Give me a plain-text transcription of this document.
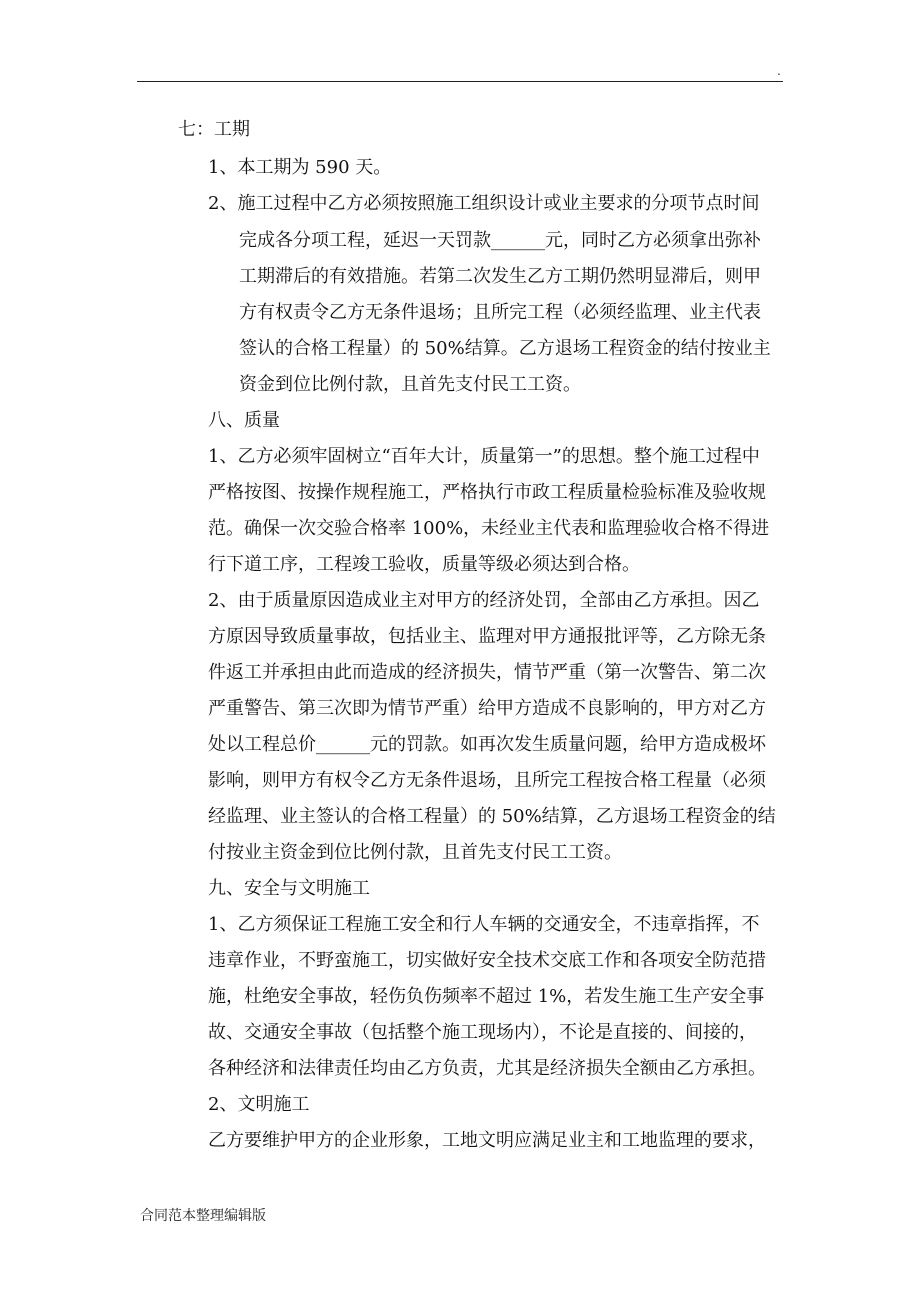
.
七：工期
1、本工期为 590 天。
2、施工过程中乙方必须按照施工组织设计或业主要求的分项节点时间
完成各分项工程，延迟一天罚款______元，同时乙方必须拿出弥补
工期滞后的有效措施。若第二次发生乙方工期仍然明显滞后，则甲
方有权责令乙方无条件退场；且所完工程（必须经监理、业主代表
签认的合格工程量）的 50%结算。乙方退场工程资金的结付按业主
资金到位比例付款，且首先支付民工工资。
八、质量
1、乙方必须牢固树立“百年大计，质量第一”的思想。整个施工过程中
严格按图、按操作规程施工，严格执行市政工程质量检验标准及验收规
范。确保一次交验合格率 100%，未经业主代表和监理验收合格不得进
行下道工序，工程竣工验收，质量等级必须达到合格。
2、由于质量原因造成业主对甲方的经济处罚，全部由乙方承担。因乙
方原因导致质量事故，包括业主、监理对甲方通报批评等，乙方除无条
件返工并承担由此而造成的经济损失，情节严重（第一次警告、第二次
严重警告、第三次即为情节严重）给甲方造成不良影响的，甲方对乙方
处以工程总价______元的罚款。如再次发生质量问题，给甲方造成极坏
影响，则甲方有权令乙方无条件退场，且所完工程按合格工程量（必须
经监理、业主签认的合格工程量）的 50%结算，乙方退场工程资金的结
付按业主资金到位比例付款，且首先支付民工工资。
九、安全与文明施工
1、乙方须保证工程施工安全和行人车辆的交通安全，不违章指挥，不
违章作业，不野蛮施工，切实做好安全技术交底工作和各项安全防范措
施，杜绝安全事故，轻伤负伤频率不超过 1%，若发生施工生产安全事
故、交通安全事故（包括整个施工现场内），不论是直接的、间接的，
各种经济和法律责任均由乙方负责，尤其是经济损失全额由乙方承担。
2、文明施工
乙方要维护甲方的企业形象，工地文明应满足业主和工地监理的要求，
合同范本整理编辑版
